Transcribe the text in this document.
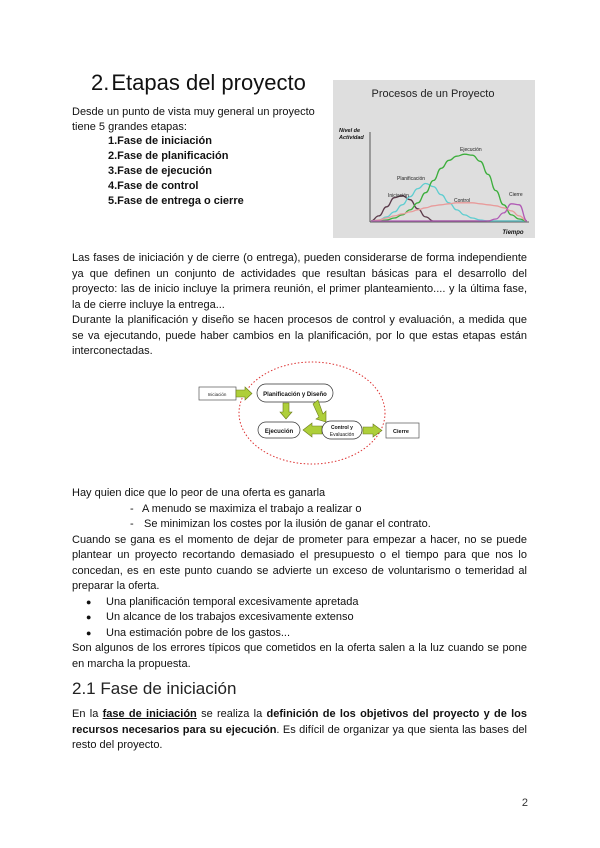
2.Etapas del proyecto
Desde un punto de vista muy general un proyecto tiene 5 grandes etapas:
1.Fase de iniciación
2.Fase de planificación
3.Fase de ejecución
4.Fase de control
5.Fase de entrega o cierre
Procesos de un Proyecto
Nivel de Actividad
Tiempo
Iniciación
Planificación
Ejecución
Control
Cierre

Las fases de iniciación y de cierre (o entrega), pueden considerarse de forma independiente ya que definen un conjunto de actividades que resultan básicas para el desarrollo del proyecto: las de inicio incluye la primera reunión, el primer planteamiento.... y la última fase, la de cierre incluye la entrega...

Durante la planificación y diseño se hacen procesos de control y evaluación, a medida que se va ejecutando, puede haber cambios en la planificación, por lo que estas etapas están interconectadas.

Iniciación	Planificación y Diseño
Ejecución
Control y
Evaluación	Cierre

Hay quien dice que lo peor de una oferta es ganarla

- A menudo se maximiza el trabajo a realizar o
- Se minimizan los costes por la ilusión de ganar el contrato.

Cuando se gana es el momento de dejar de prometer para empezar a hacer, no se puede plantear un proyecto recortando demasiado el presupuesto o el tiempo para que nos lo concedan, es en este punto cuando se advierte un exceso de voluntarismo o temeridad al preparar la oferta.

● Una planificación temporal excesivamente apretada
● Un alcance de los trabajos excesivamente extenso
● Una estimación pobre de los gastos...

Son algunos de los errores típicos que cometidos en la oferta salen a la luz cuando se pone en marcha la propuesta.

2.1 Fase de iniciación
En la fase de iniciación se realiza la definición de los objetivos del proyecto y de los recursos necesarios para su ejecución. Es difícil de organizar ya que sienta las bases del resto del proyecto.
2
